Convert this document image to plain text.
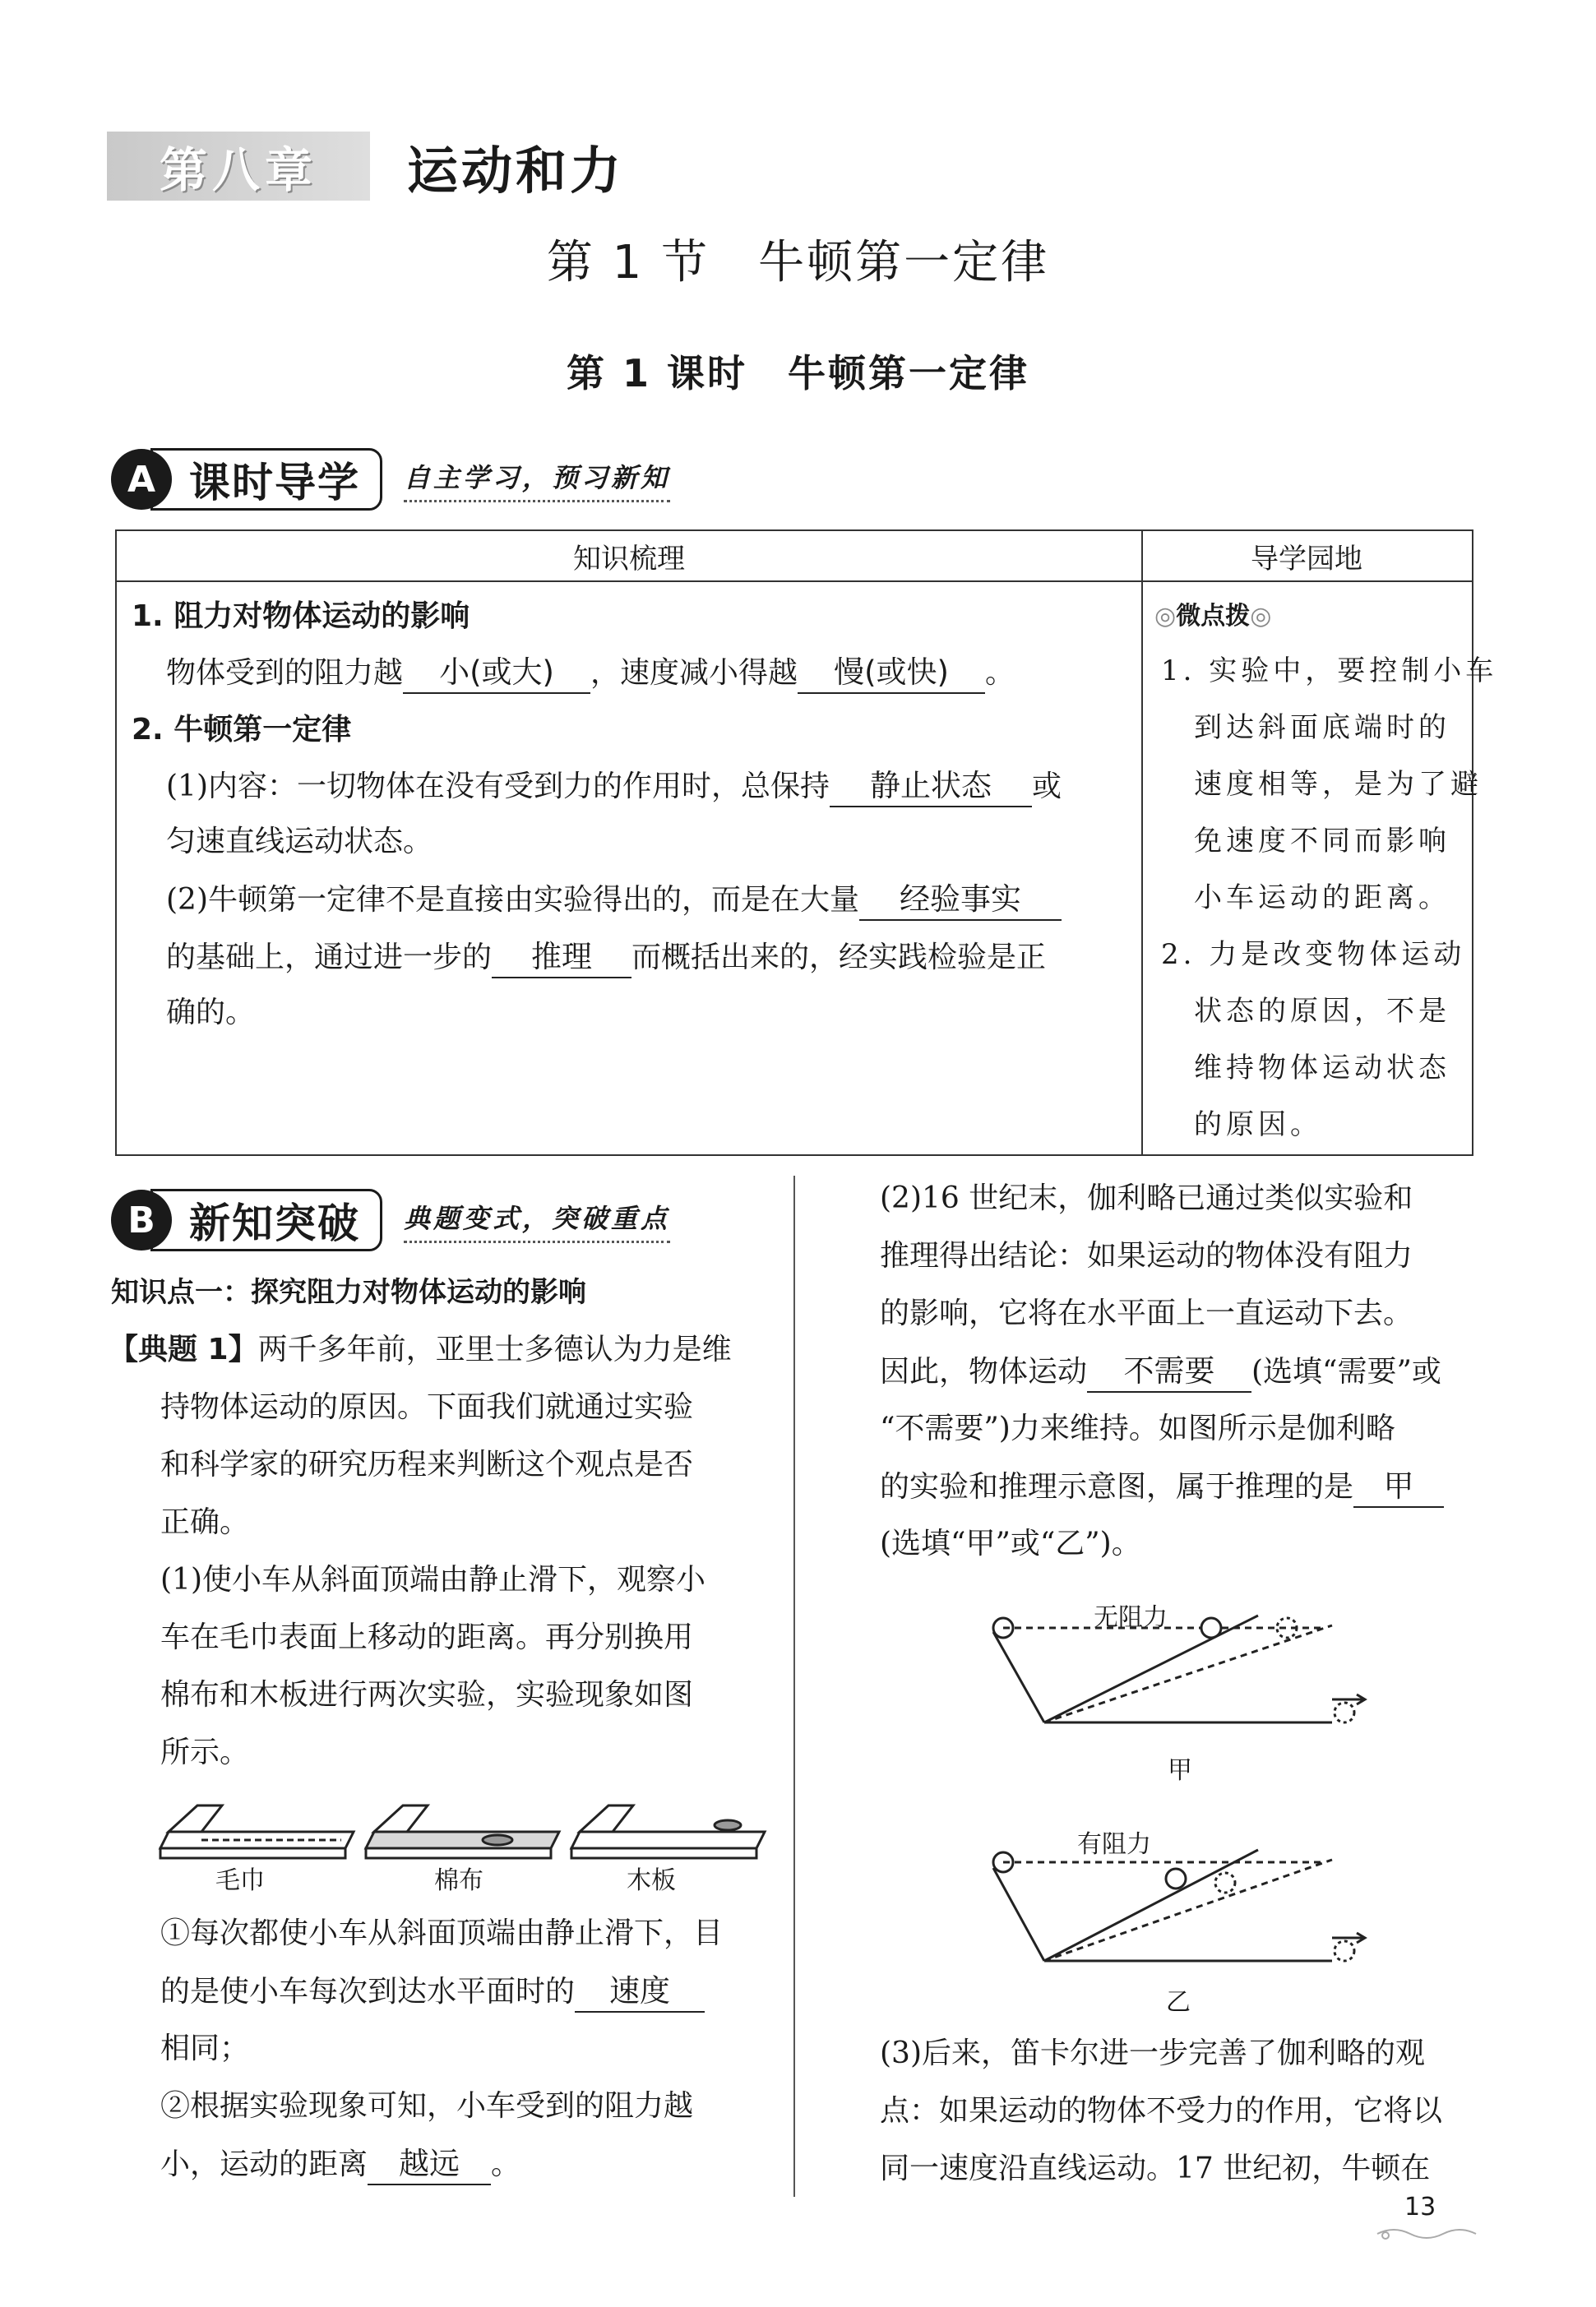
第八章	运动和力
第 1 节　牛顿第一定律
第 1 课时　牛顿第一定律
A 课时导学	自主学习，预习新知
知识梳理	导学园地
1. 阻力对物体运动的影响
物体受到的阻力越 小(或大) ，速度减小得越 慢(或快) 。
2. 牛顿第一定律
(1)内容：一切物体在没有受到力的作用时，总保持 静止状态 或
匀速直线运动状态。
(2)牛顿第一定律不是直接由实验得出的，而是在大量 经验事实
的基础上，通过进一步的 推理 而概括出来的，经实践检验是正
确的。
◎微点拨◎
1. 实验中，要控制小车
到达斜面底端时的
速度相等，是为了避
免速度不同而影响
小车运动的距离。
2. 力是改变物体运动
状态的原因，不是
维持物体运动状态
的原因。
B 新知突破	典题变式，突破重点
知识点一：探究阻力对物体运动的影响
【典题 1】两千多年前，亚里士多德认为力是维
持物体运动的原因。下面我们就通过实验
和科学家的研究历程来判断这个观点是否
正确。
(1)使小车从斜面顶端由静止滑下，观察小
车在毛巾表面上移动的距离。再分别换用
棉布和木板进行两次实验，实验现象如图
所示。
毛巾	棉布	木板
①每次都使小车从斜面顶端由静止滑下，目
的是使小车每次到达水平面时的 速度
相同；
②根据实验现象可知，小车受到的阻力越
小，运动的距离 越远 。
(2)16 世纪末，伽利略已通过类似实验和
推理得出结论：如果运动的物体没有阻力
的影响，它将在水平面上一直运动下去。
因此，物体运动 不需要 (选填“需要”或
“不需要”)力来维持。如图所示是伽利略
的实验和推理示意图，属于推理的是 甲
(选填“甲”或“乙”)。
无阻力
甲
有阻力
乙
(3)后来，笛卡尔进一步完善了伽利略的观
点：如果运动的物体不受力的作用，它将以
同一速度沿直线运动。17 世纪初，牛顿在
13
